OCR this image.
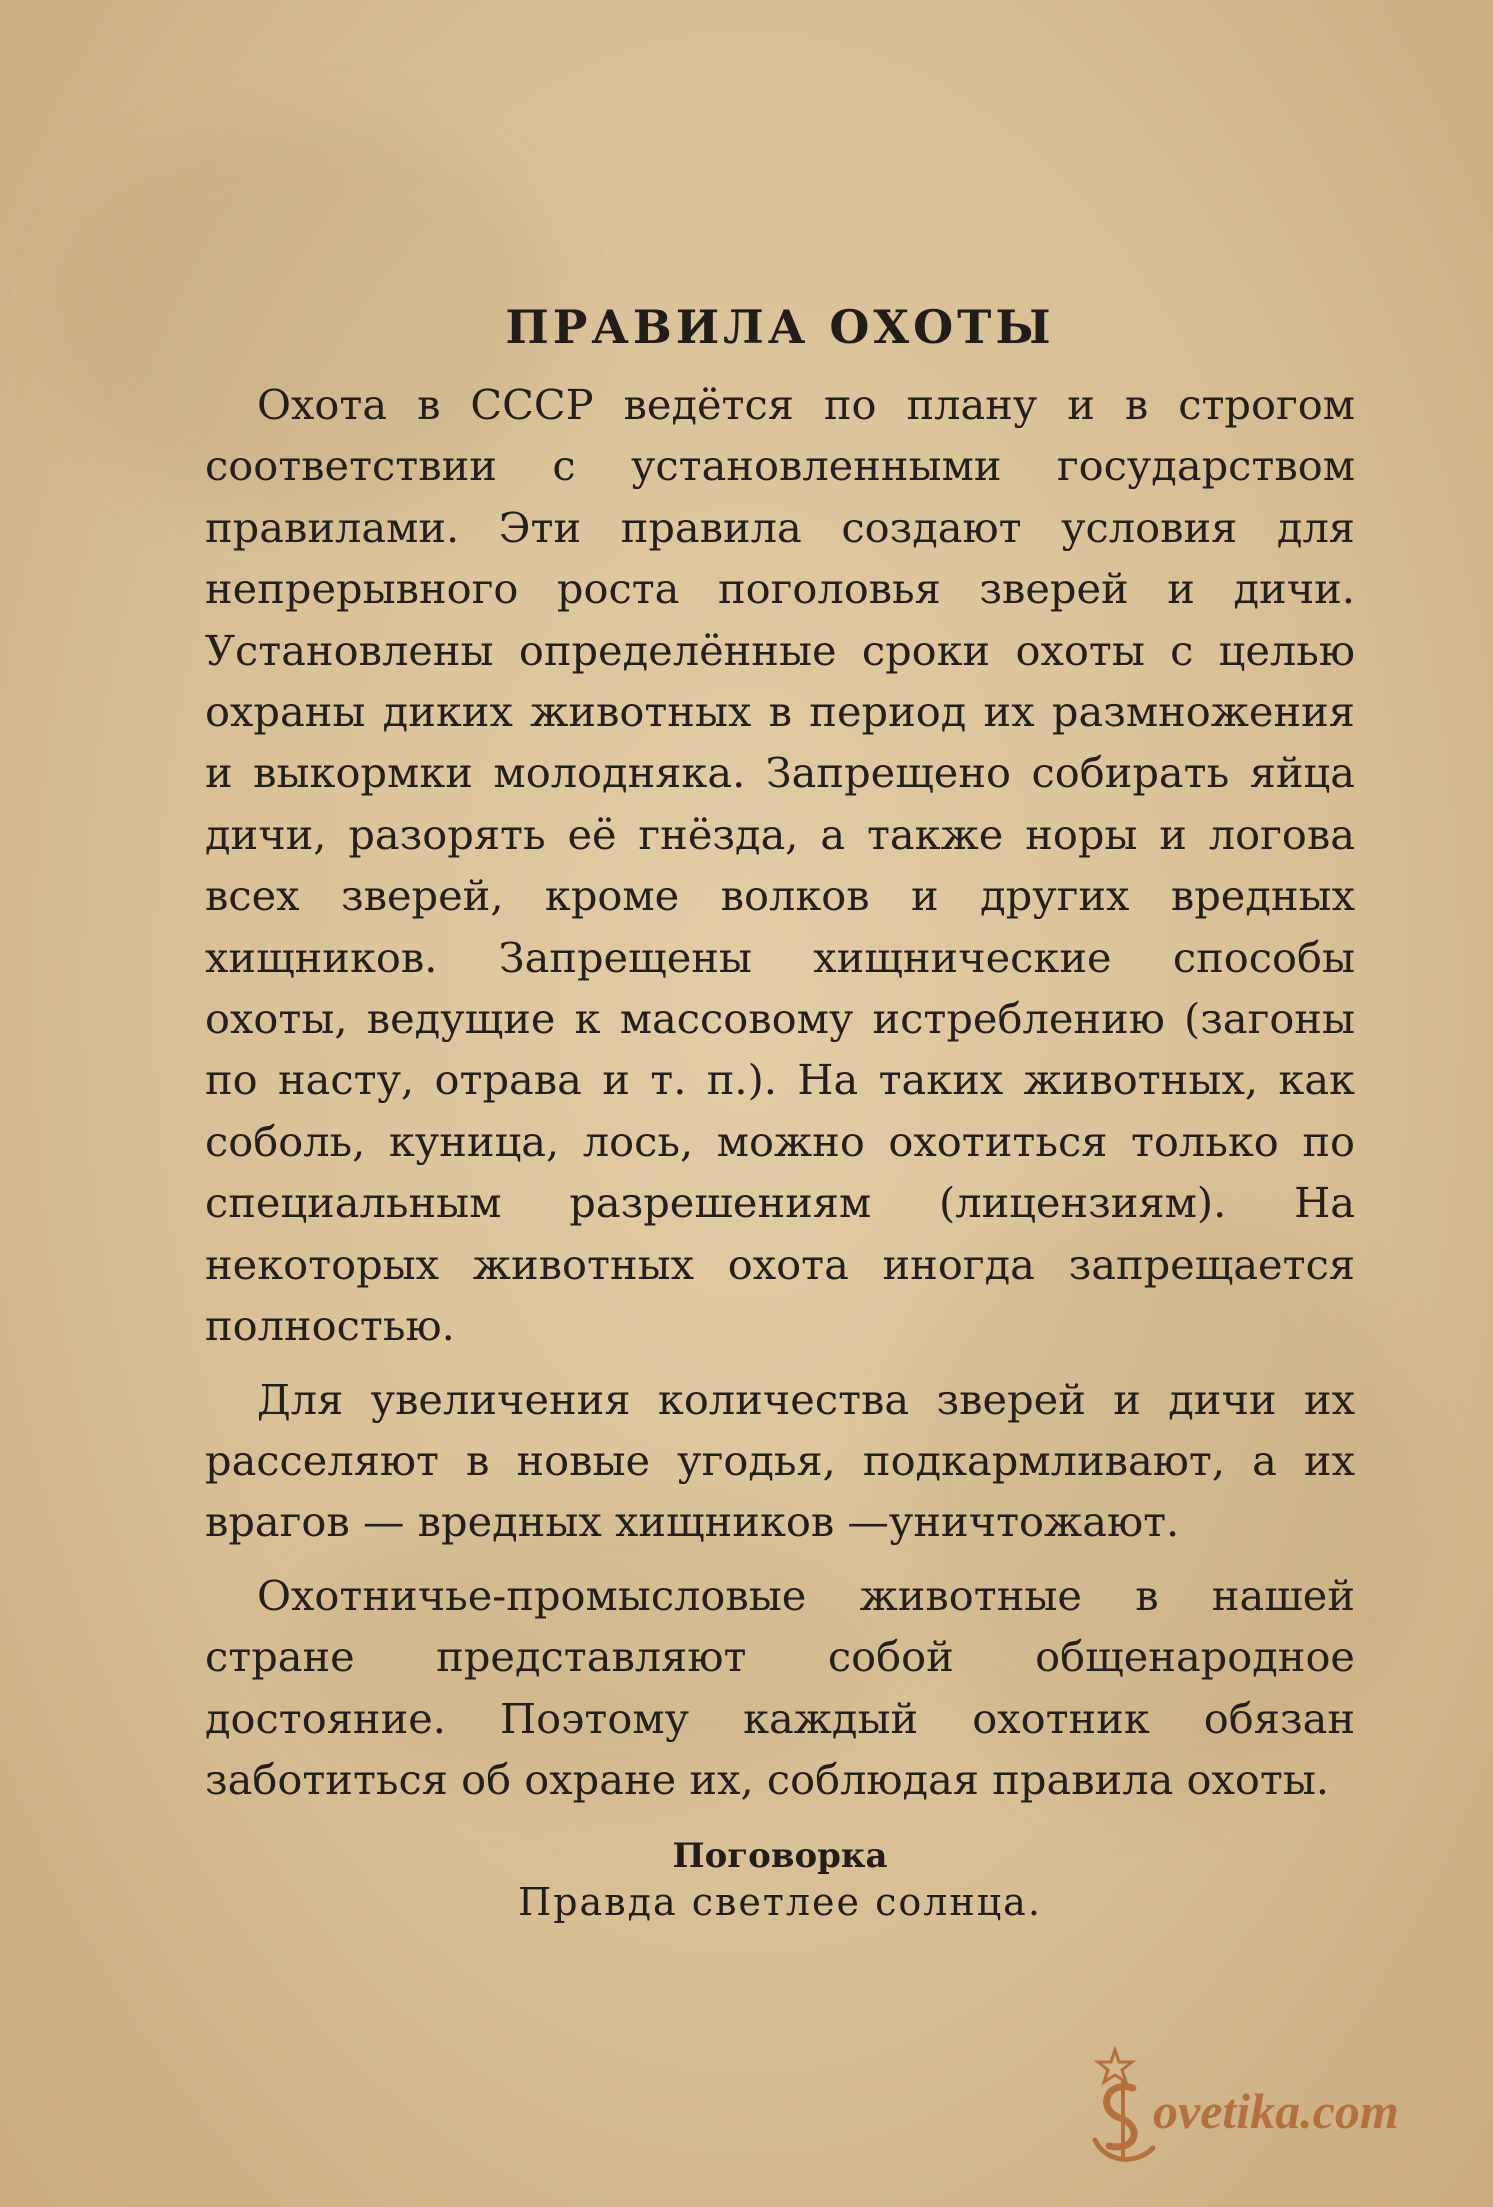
ПРАВИЛА ОХОТЫ

Охота в СССР ведётся по плану и в строгом соответствии с установленными государством правилами. Эти правила создают условия для непрерывного роста поголовья зверей и дичи. Установлены определённые сроки охоты с целью охраны диких животных в период их размножения и выкормки молодняка. Запрещено собирать яйца дичи, разорять её гнёзда, а также норы и логова всех зверей, кроме волков и других вредных хищников. Запрещены хищнические способы охоты, ведущие к массовому истреблению (загоны по насту, отрава и т. п.). На таких животных, как соболь, куница, лось, можно охотиться только по специальным разрешениям (лицензиям). На некоторых животных охота иногда запрещается полностью.

Для увеличения количества зверей и дичи их расселяют в новые угодья, подкармливают, а их врагов — вредных хищников —уничтожают.

Охотничье-промысловые животные в нашей стране представляют собой общенародное достояние. Поэтому каждый охотник обязан заботиться об охране их, соблюдая правила охоты.

Поговорка
Правда светлее солнца.
ovetika.com
